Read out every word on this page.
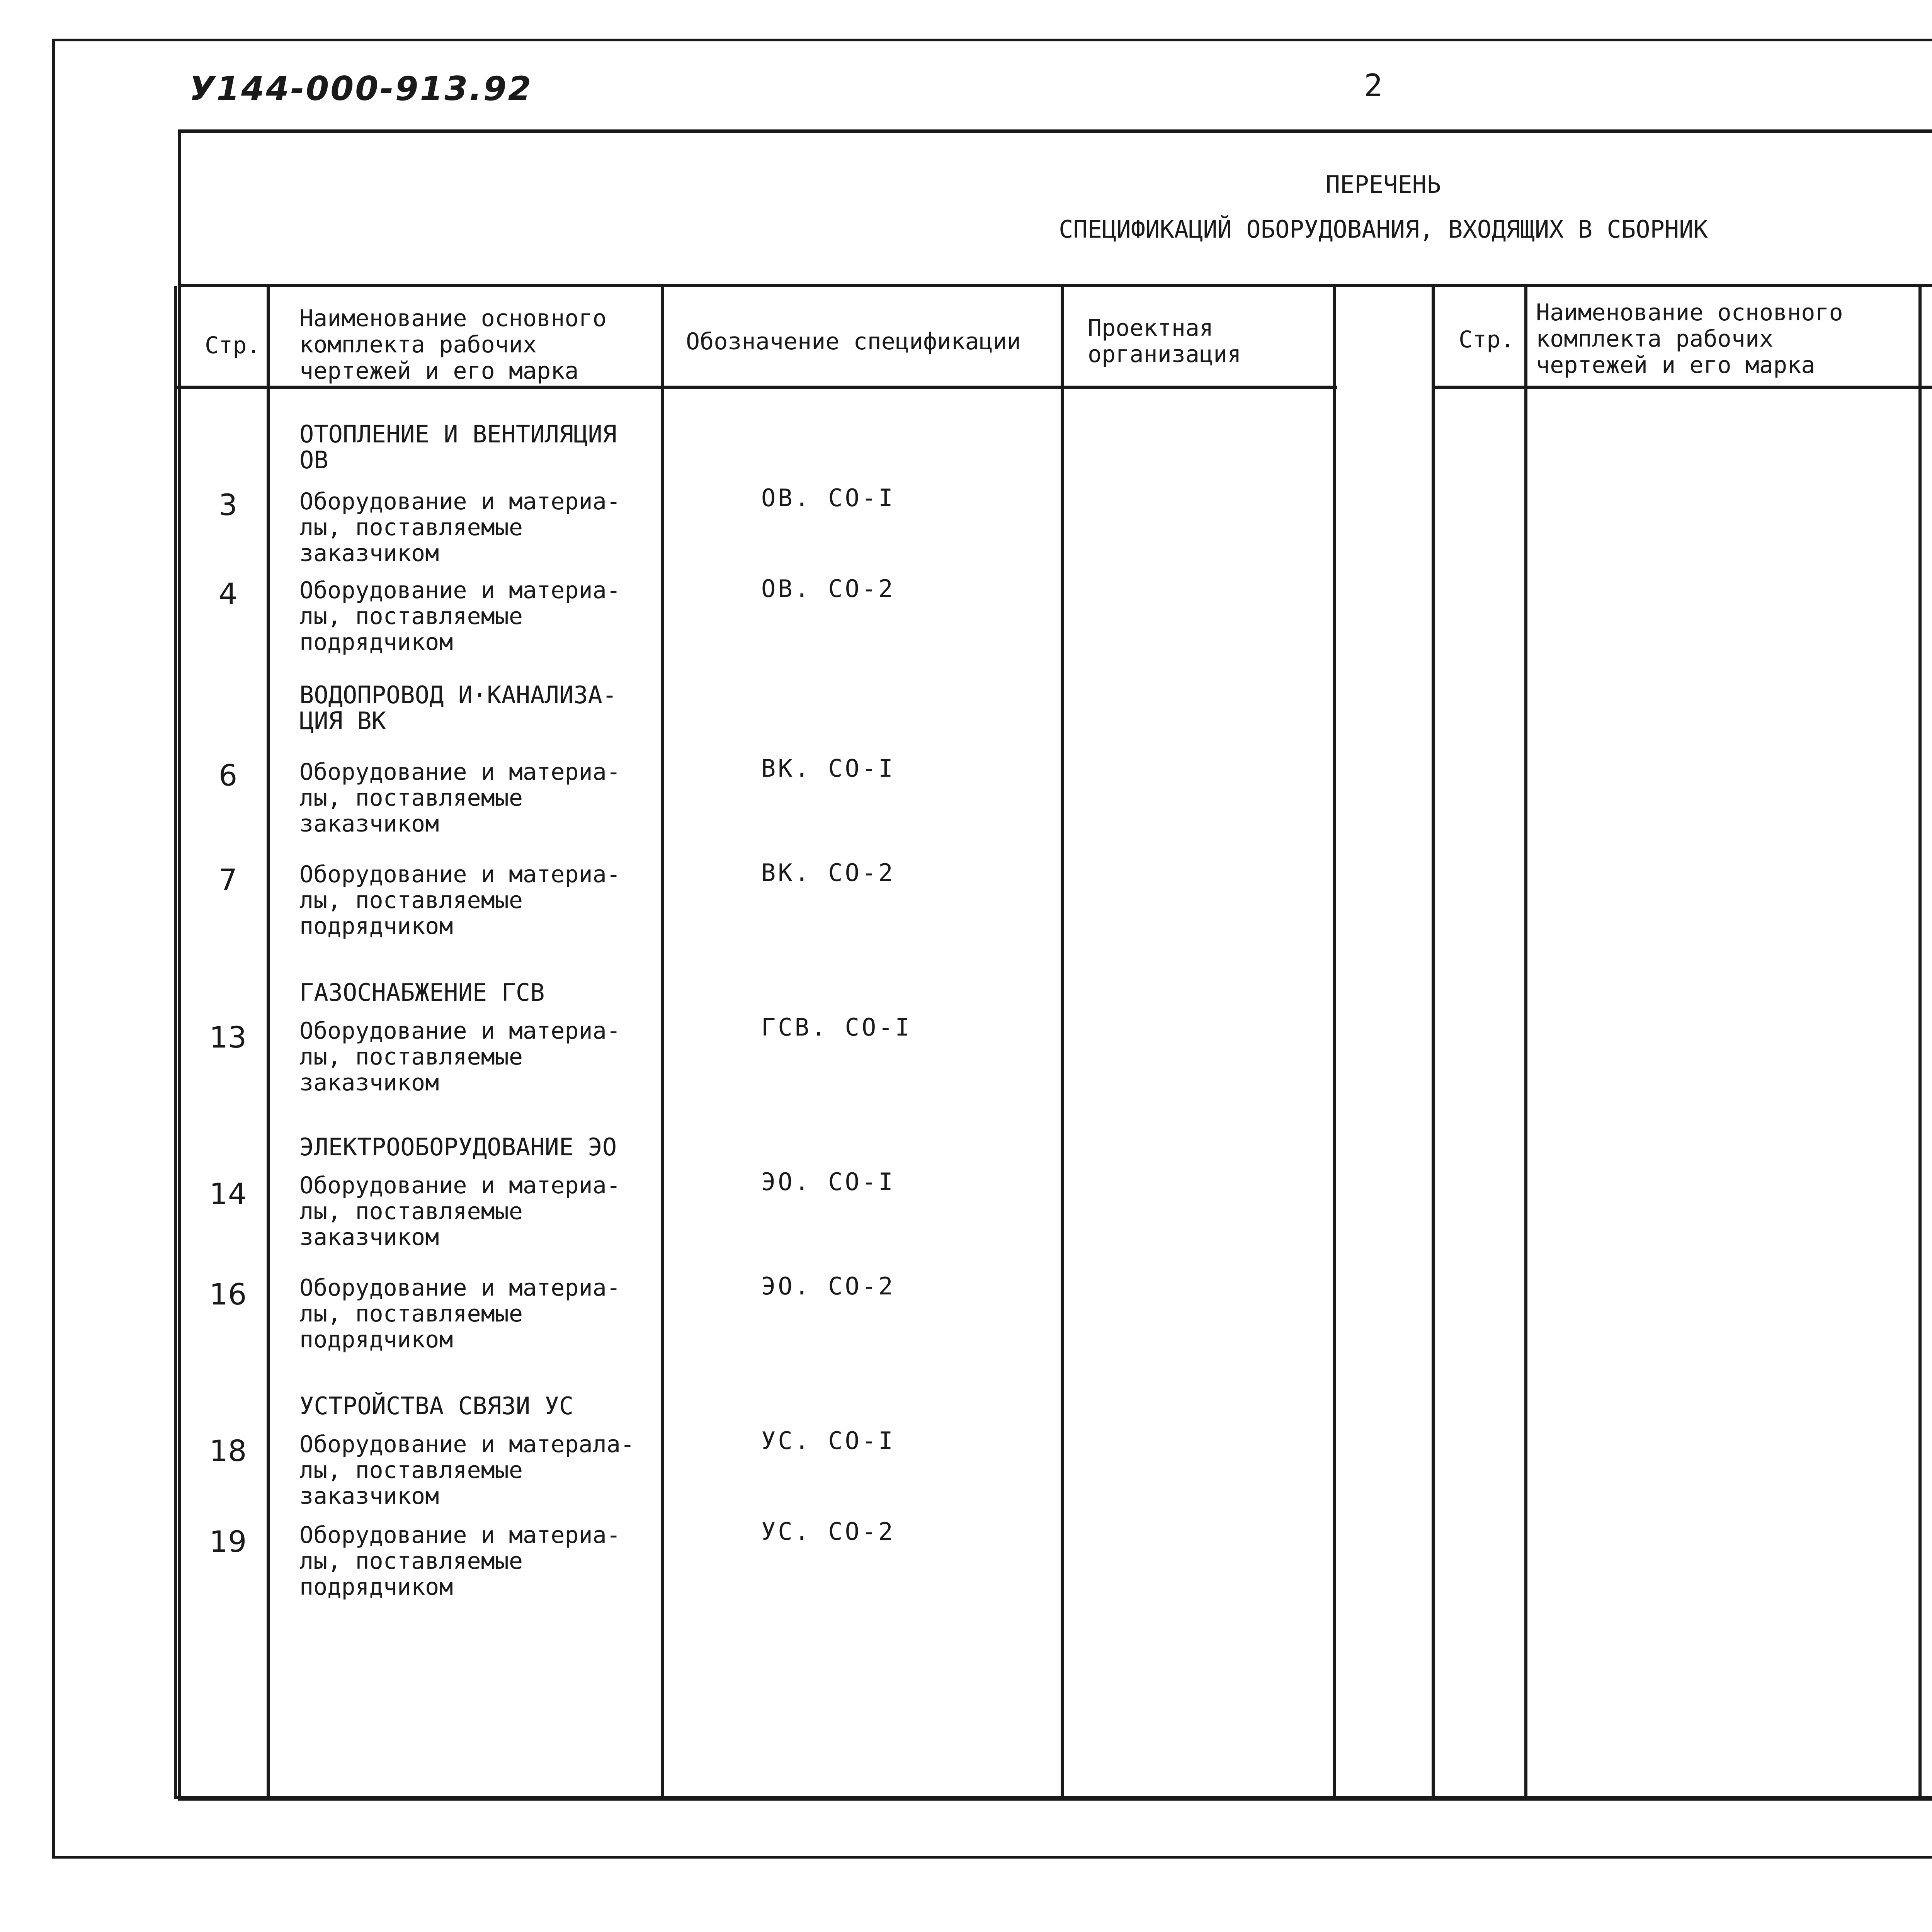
У144-000-913.92	2
ПЕРЕЧЕНЬ
СПЕЦИФИКАЦИЙ ОБОРУДОВАНИЯ, ВХОДЯЩИХ В СБОРНИК
Стр.
Наименование основного
комплекта рабочих
чертежей и его марка
Обозначение спецификации	Проектная
организация
Стр.
Наименование основного
комплекта рабочих
чертежей и его марка
ОТОПЛЕНИЕ И ВЕНТИЛЯЦИЯ
ОВ
ВОДОПРОВОД И·КАНАЛИЗА-
ЦИЯ ВК
ГАЗОСНАБЖЕНИЕ ГСВ
ЭЛЕКТРООБОРУДОВАНИЕ ЭО
УСТРОЙСТВА СВЯЗИ УС
3	Оборудование и материа-
лы, поставляемые
заказчиком
ОВ. СО-I
4	Оборудование и материа-
лы, поставляемые
подрядчиком
ОВ. СО-2
6	Оборудование и материа-
лы, поставляемые
заказчиком
ВК. СО-I
7	Оборудование и материа-
лы, поставляемые
подрядчиком
ВК. СО-2
13	Оборудование и материа-
лы, поставляемые
заказчиком
ГСВ. СО-I
14	Оборудование и материа-
лы, поставляемые
заказчиком
ЭО. СО-I
16	Оборудование и материа-
лы, поставляемые
подрядчиком
ЭО. СО-2
18	Оборудование и матерaла-
лы, поставляемые
заказчиком
УС. СО-I
19	Оборудование и материа-
лы, поставляемые
подрядчиком
УС. СО-2
